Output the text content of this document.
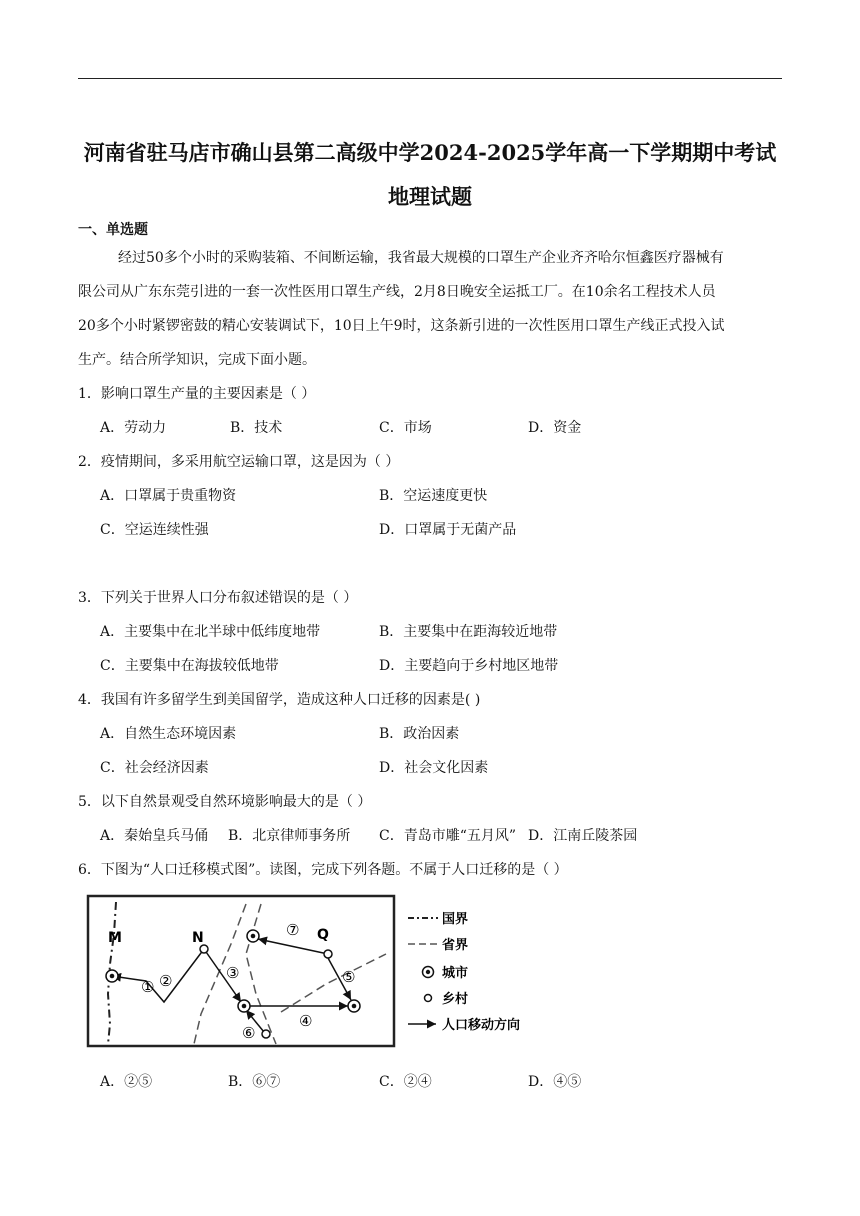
河南省驻马店市确山县第二高级中学2024-2025学年高一下学期期中考试
地理试题
一、单选题
经过50多个小时的采购装箱、不间断运输，我省最大规模的口罩生产企业齐齐哈尔恒鑫医疗器械有
限公司从广东东莞引进的一套一次性医用口罩生产线，2月8日晚安全运抵工厂。在10余名工程技术人员
20多个小时紧锣密鼓的精心安装调试下，10日上午9时，这条新引进的一次性医用口罩生产线正式投入试
生产。结合所学知识，完成下面小题。
1．影响口罩生产量的主要因素是（ ）
A．劳动力	B．技术	C．市场	D．资金
2．疫情期间，多采用航空运输口罩，这是因为（ ）
A．口罩属于贵重物资	B．空运速度更快
C．空运连续性强	D．口罩属于无菌产品
3．下列关于世界人口分布叙述错误的是（ ）
A．主要集中在北半球中低纬度地带	B．主要集中在距海较近地带
C．主要集中在海拔较低地带	D．主要趋向于乡村地区地带
4．我国有许多留学生到美国留学，造成这种人口迁移的因素是( )
A．自然生态环境因素	B．政治因素
C．社会经济因素	D．社会文化因素
5．以下自然景观受自然环境影响最大的是（ ）
A．秦始皇兵马俑 B．北京律师事务所 C．青岛市雕“五月风” D．江南丘陵茶园
6．下图为“人口迁移模式图”。读图，完成下列各题。不属于人口迁移的是（ ）
M	N	Q
① ②	③
④
⑤
⑥
⑦
国界
省界
城市
乡村
人口移动方向
A．②⑤	B．⑥⑦	C．②④	D．④⑤
